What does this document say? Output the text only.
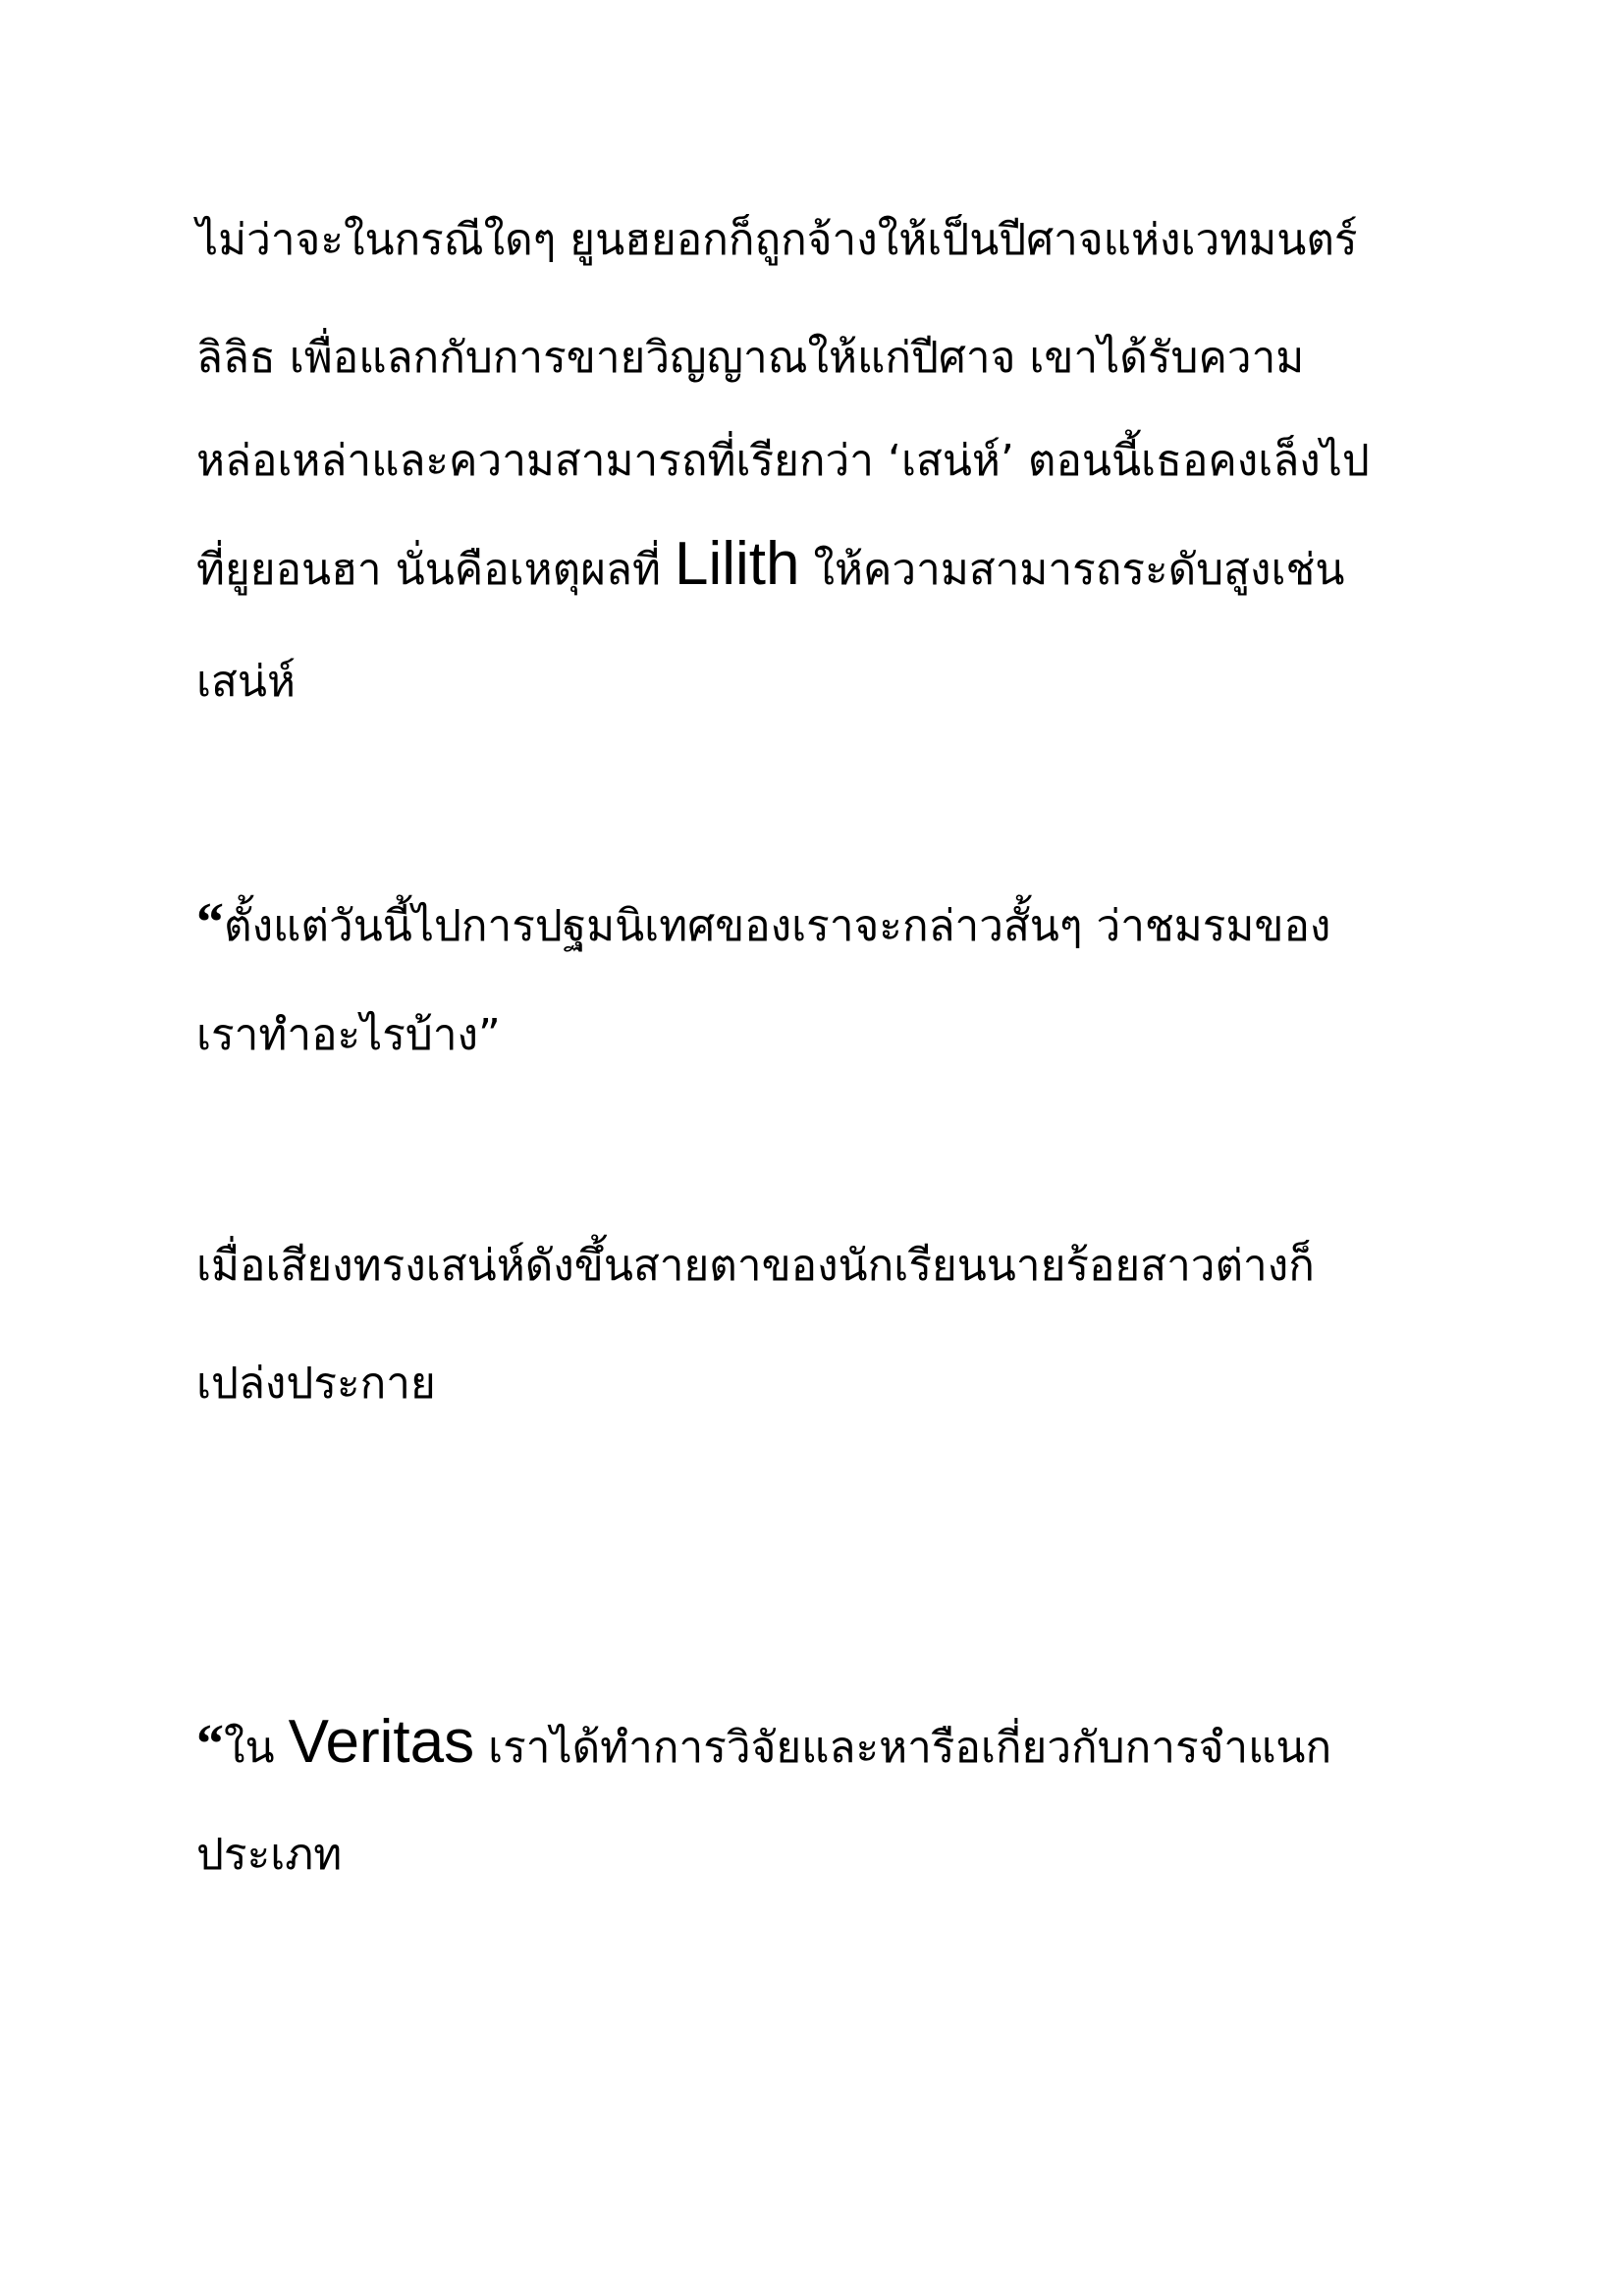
ไม่ว่าจะในกรณีใดๆ ยูนฮยอกก็ถูกจ้างให้เป็นปีศาจแห่งเวทมนตร์
ลิลิธ เพื่อแลกกับการขายวิญญาณให้แก่ปีศาจ เขาได้รับความ
หล่อเหล่าและความสามารถที่เรียกว่า ‘เสน่ห์’ ตอนนี้เธอคงเล็งไป
ที่ยูยอนฮา นั่นคือเหตุผลที่ Lilith ให้ความสามารถระดับสูงเช่น
เสน่ห์
“ตั้งแต่วันนี้ไปการปฐมนิเทศของเราจะกล่าวสั้นๆ ว่าชมรมของ
เราทำอะไรบ้าง”
เมื่อเสียงทรงเสน่ห์ดังขึ้นสายตาของนักเรียนนายร้อยสาวต่างก็
เปล่งประกาย
“ใน Veritas เราได้ทำการวิจัยและหารือเกี่ยวกับการจำแนก
ประเภท
